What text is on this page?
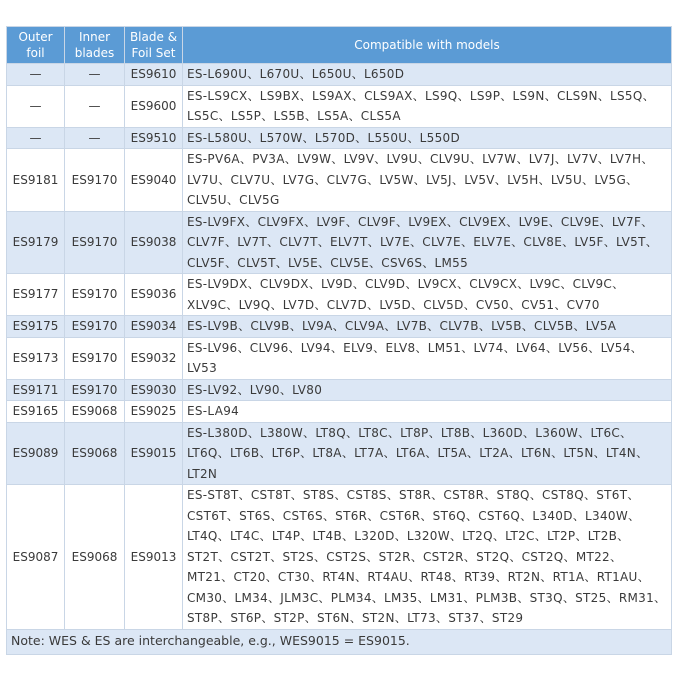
Outer foil	Inner blades	Blade & Foil Set	Compatible with models
—	—	ES9610	ES-L690U、L670U、L650U、L650D
—	—	ES9600	ES-LS9CX、LS9BX、LS9AX、CLS9AX、LS9Q、LS9P、LS9N、CLS9N、LS5Q、LS5C、LS5P、LS5B、LS5A、CLS5A
—	—	ES9510	ES-L580U、L570W、L570D、L550U、L550D
ES9181	ES9170	ES9040	ES-PV6A、PV3A、LV9W、LV9V、LV9U、CLV9U、LV7W、LV7J、LV7V、LV7H、LV7U、CLV7U、LV7G、CLV7G、LV5W、LV5J、LV5V、LV5H、LV5U、LV5G、CLV5U、CLV5G
ES9179	ES9170	ES9038	ES-LV9FX、CLV9FX、LV9F、CLV9F、LV9EX、CLV9EX、LV9E、CLV9E、LV7F、CLV7F、LV7T、CLV7T、ELV7T、LV7E、CLV7E、ELV7E、CLV8E、LV5F、LV5T、CLV5F、CLV5T、LV5E、CLV5E、CSV6S、LM55
ES9177	ES9170	ES9036	ES-LV9DX、CLV9DX、LV9D、CLV9D、LV9CX、CLV9CX、LV9C、CLV9C、XLV9C、LV9Q、LV7D、CLV7D、LV5D、CLV5D、CV50、CV51、CV70
ES9175	ES9170	ES9034	ES-LV9B、CLV9B、LV9A、CLV9A、LV7B、CLV7B、LV5B、CLV5B、LV5A
ES9173	ES9170	ES9032	ES-LV96、CLV96、LV94、ELV9、ELV8、LM51、LV74、LV64、LV56、LV54、LV53
ES9171	ES9170	ES9030	ES-LV92、LV90、LV80
ES9165	ES9068	ES9025	ES-LA94
ES9089	ES9068	ES9015	ES-L380D、L380W、LT8Q、LT8C、LT8P、LT8B、L360D、L360W、LT6C、LT6Q、LT6B、LT6P、LT8A、LT7A、LT6A、LT5A、LT2A、LT6N、LT5N、LT4N、LT2N
ES9087	ES9068	ES9013	ES-ST8T、CST8T、ST8S、CST8S、ST8R、CST8R、ST8Q、CST8Q、ST6T、CST6T、ST6S、CST6S、ST6R、CST6R、ST6Q、CST6Q、L340D、L340W、LT4Q、LT4C、LT4P、LT4B、L320D、L320W、LT2Q、LT2C、LT2P、LT2B、ST2T、CST2T、ST2S、CST2S、ST2R、CST2R、ST2Q、CST2Q、MT22、MT21、CT20、CT30、RT4N、RT4AU、RT48、RT39、RT2N、RT1A、RT1AU、CM30、LM34、JLM3C、PLM34、LM35、LM31、PLM3B、ST3Q、ST25、RM31、ST8P、ST6P、ST2P、ST6N、ST2N、LT73、ST37、ST29
Note: WES & ES are interchangeable, e.g., WES9015 = ES9015.			
